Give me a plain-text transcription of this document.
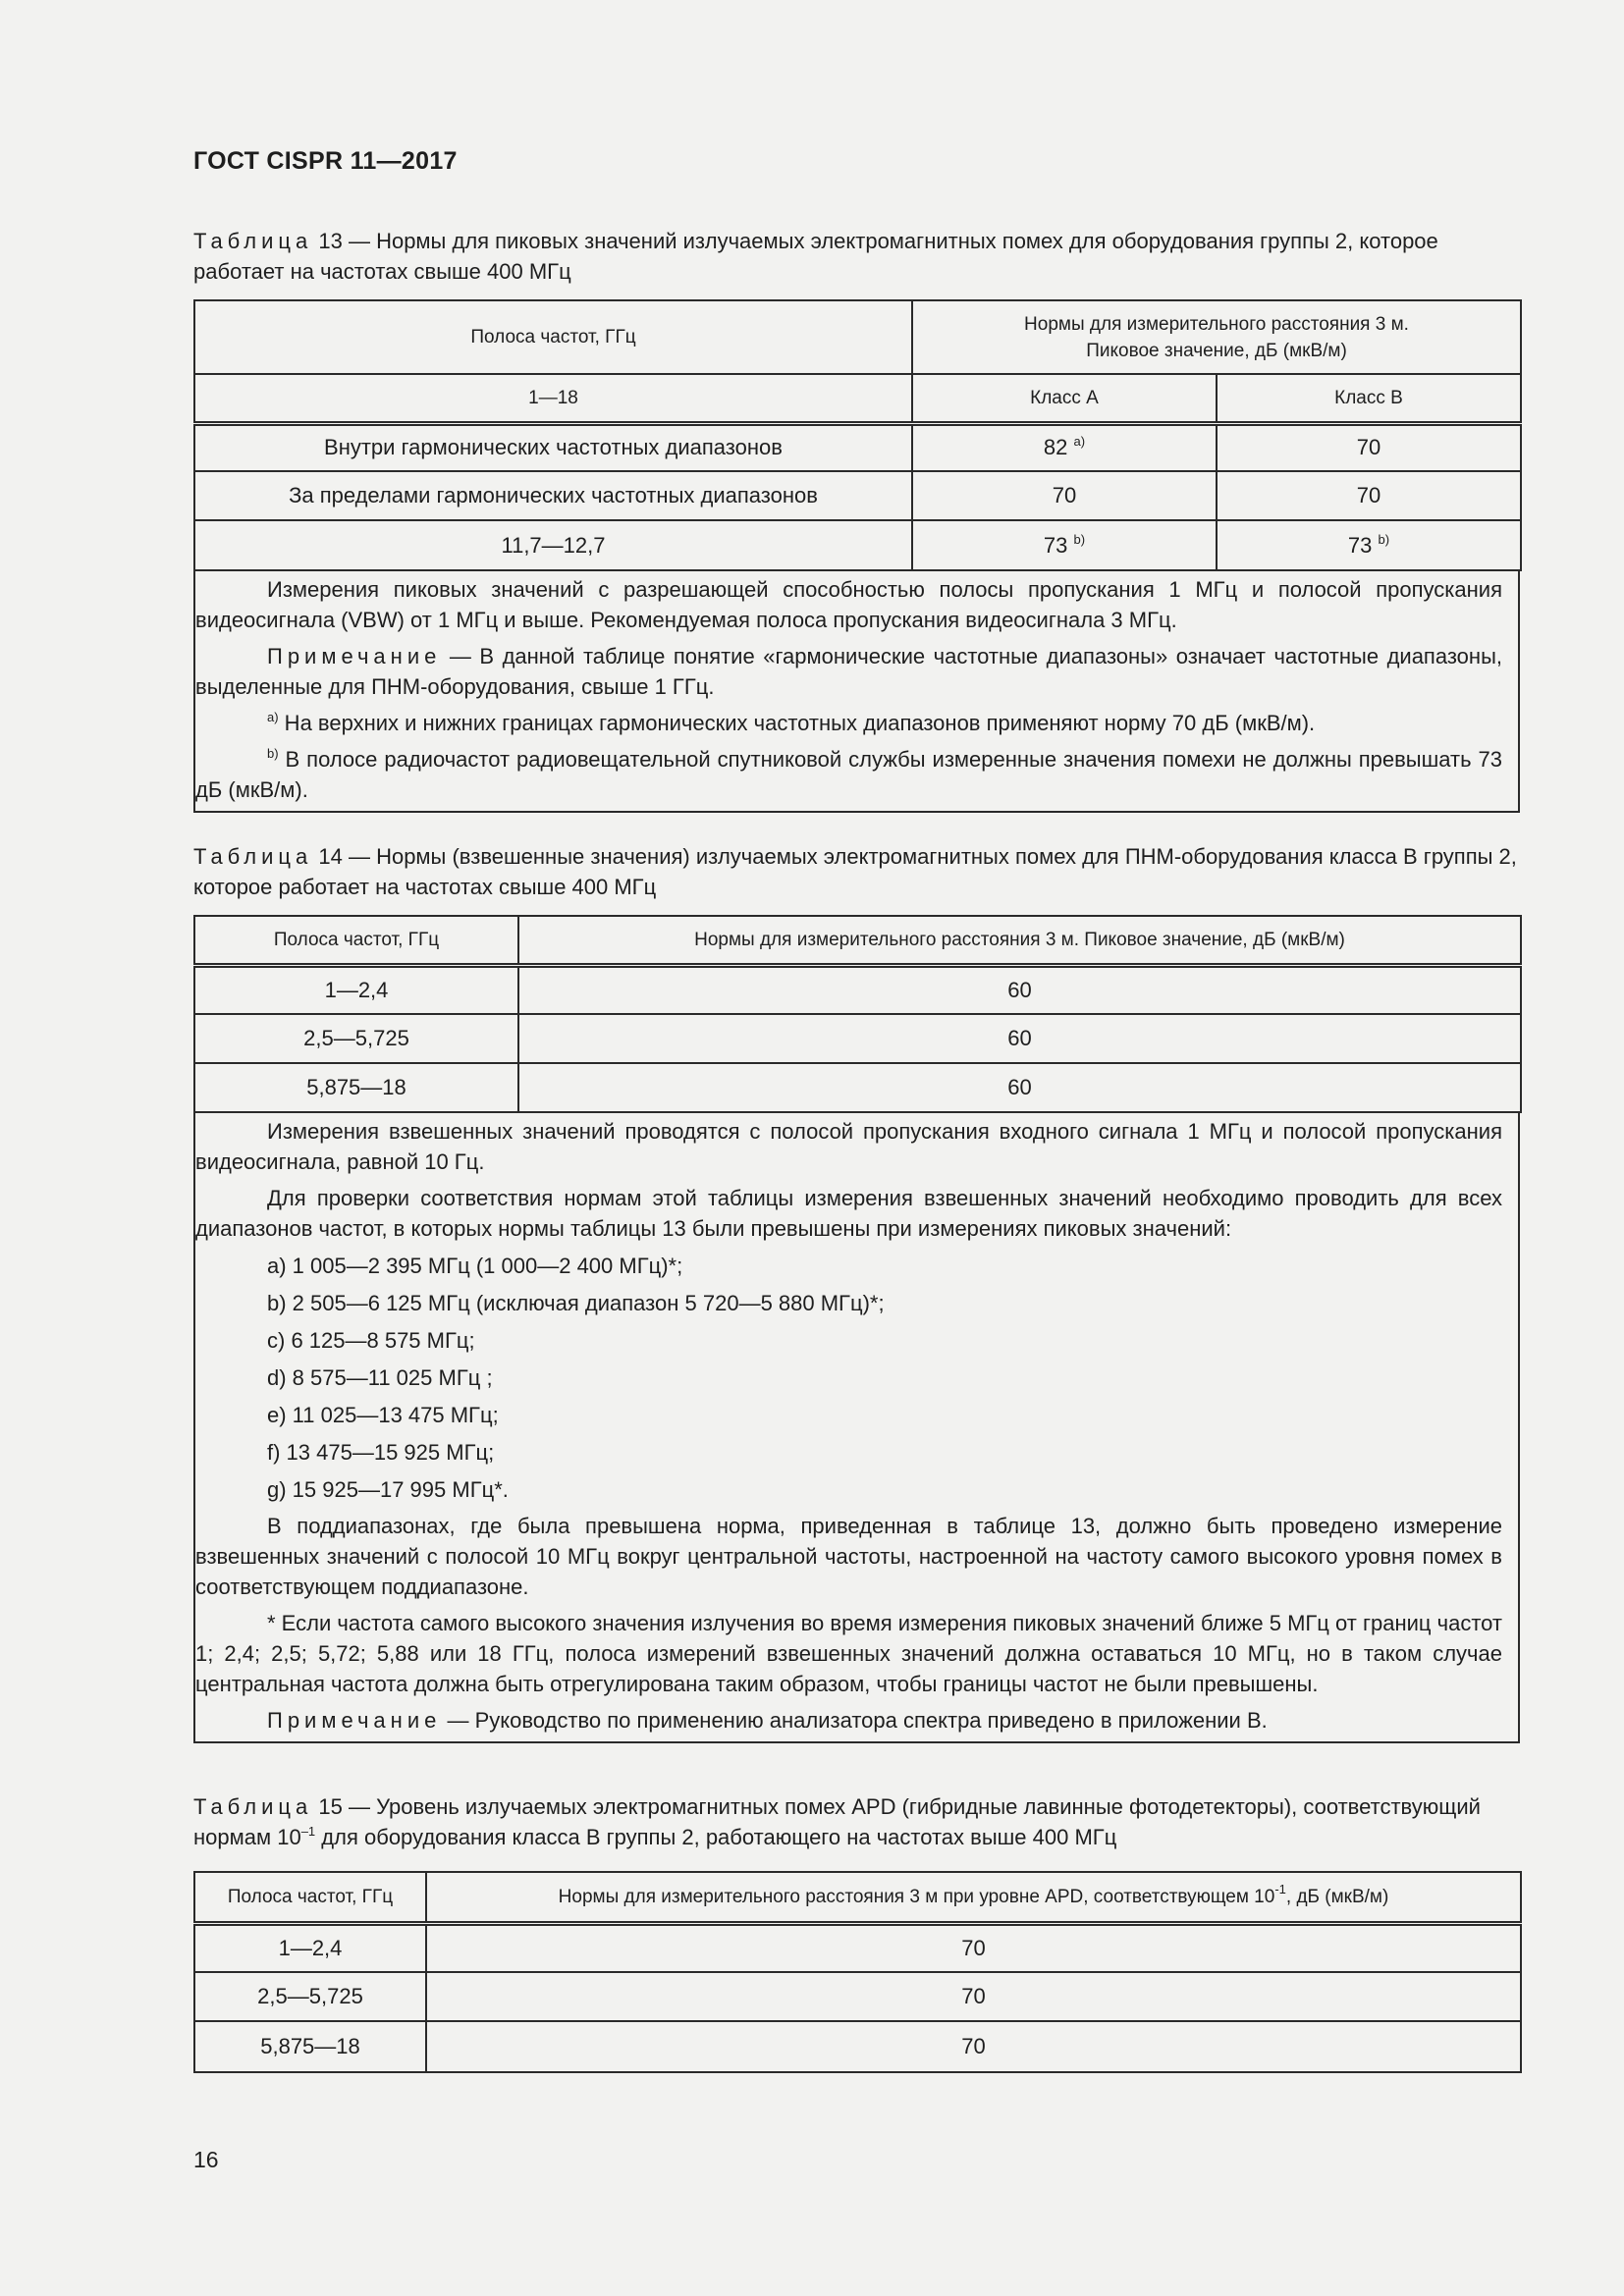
ГОСТ CISPR 11—2017

Таблица 13 — Нормы для пиковых значений излучаемых электромагнитных помех для оборудования группы 2, которое работает на частотах свыше 400 МГц

Полоса частот, ГГц	Нормы для измерительного расстояния 3 м.
Пиковое значение, дБ (мкВ/м)	
1—18	Класс А	Класс В
Внутри гармонических частотных диапазонов	82 $^{a)}$	70
За пределами гармонических частотных диапазонов	70	70
11,7—12,7	73 $^{b)}$	73 $^{b)}$

Измерения пиковых значений с разрешающей способностью полосы пропускания 1 МГц и полосой пропускания видеосигнала (VBW) от 1 МГц и выше. Рекомендуемая полоса пропускания видеосигнала 3 МГц.

Примечание — В данной таблице понятие «гармонические частотные диапазоны» означает частотные диапазоны, выделенные для ПНМ-оборудования, свыше 1 ГГц.

$^{a)}$ На верхних и нижних границах гармонических частотных диапазонов применяют норму 70 дБ (мкВ/м).

$^{b)}$ В полосе радиочастот радиовещательной спутниковой службы измеренные значения помехи не должны превышать 73 дБ (мкВ/м).

Таблица 14 — Нормы (взвешенные значения) излучаемых электромагнитных помех для ПНМ-оборудования класса В группы 2, которое работает на частотах свыше 400 МГц

Полоса частот, ГГц	Нормы для измерительного расстояния 3 м. Пиковое значение, дБ (мкВ/м)
1—2,4	60
2,5—5,725	60
5,875—18	60

Измерения взвешенных значений проводятся с полосой пропускания входного сигнала 1 МГц и полосой пропускания видеосигнала, равной 10 Гц.

Для проверки соответствия нормам этой таблицы измерения взвешенных значений необходимо проводить для всех диапазонов частот, в которых нормы таблицы 13 были превышены при измерениях пиковых значений:

a) 1 005—2 395 МГц (1 000—2 400 МГц)*;

b) 2 505—6 125 МГц (исключая диапазон 5 720—5 880 МГц)*;

c) 6 125—8 575 МГц;

d) 8 575—11 025 МГц ;

e) 11 025—13 475 МГц;

f) 13 475—15 925 МГц;

g) 15 925—17 995 МГц*.

В поддиапазонах, где была превышена норма, приведенная в таблице 13, должно быть проведено измерение взвешенных значений с полосой 10 МГц вокруг центральной частоты, настроенной на частоту самого высокого уровня помех в соответствующем поддиапазоне.

* Если частота самого высокого значения излучения во время измерения пиковых значений ближе 5 МГц от границ частот 1; 2,4; 2,5; 5,72; 5,88 или 18 ГГц, полоса измерений взвешенных значений должна оставаться 10 МГц, но в таком случае центральная частота должна быть отрегулирована таким образом, чтобы границы частот не были превышены.

Примечание — Руководство по применению анализатора спектра приведено в приложении В.

Таблица 15 — Уровень излучаемых электромагнитных помех APD (гибридные лавинные фотодетекторы), соответствующий нормам $10^{-1}$ для оборудования класса В группы 2, работающего на частотах выше 400 МГц

Полоса частот, ГГц	Нормы для измерительного расстояния 3 м при уровне APD, соответствующем $10^{-1}$, дБ (мкВ/м)
1—2,4	70
2,5—5,725	70
5,875—18	70

16
